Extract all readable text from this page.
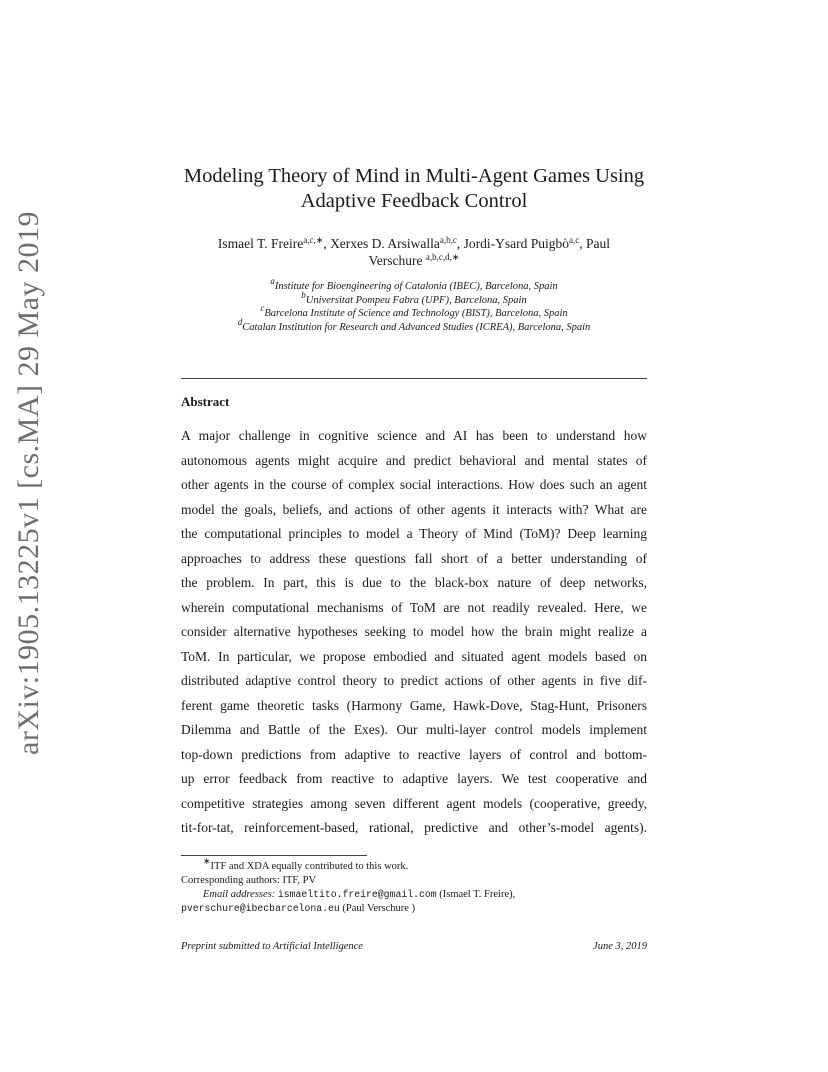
arXiv:1905.13225v1 [cs.MA] 29 May 2019
Modeling Theory of Mind in Multi-Agent Games Using
Adaptive Feedback Control
Ismael T. Freire$^{a,c,∗}$, Xerxes D. Arsiwalla$^{a,b,c}$, Jordi-Ysard Puigbò$^{a,c}$, Paul
Verschure $^{a,b,c,d,∗}$
$^a$Institute for Bioengineering of Catalonia (IBEC), Barcelona, Spain
$^b$Universitat Pompeu Fabra (UPF), Barcelona, Spain
$^c$Barcelona Institute of Science and Technology (BIST), Barcelona, Spain
$^d$Catalan Institution for Research and Advanced Studies (ICREA), Barcelona, Spain
Abstract
A major challenge in cognitive science and AI has been to understand how
autonomous agents might acquire and predict behavioral and mental states of
other agents in the course of complex social interactions. How does such an agent
model the goals, beliefs, and actions of other agents it interacts with? What are
the computational principles to model a Theory of Mind (ToM)? Deep learning
approaches to address these questions fall short of a better understanding of
the problem. In part, this is due to the black-box nature of deep networks,
wherein computational mechanisms of ToM are not readily revealed. Here, we
consider alternative hypotheses seeking to model how the brain might realize a
ToM. In particular, we propose embodied and situated agent models based on
distributed adaptive control theory to predict actions of other agents in five dif-
ferent game theoretic tasks (Harmony Game, Hawk-Dove, Stag-Hunt, Prisoners
Dilemma and Battle of the Exes). Our multi-layer control models implement
top-down predictions from adaptive to reactive layers of control and bottom-
up error feedback from reactive to adaptive layers. We test cooperative and
competitive strategies among seven different agent models (cooperative, greedy,
tit-for-tat, reinforcement-based, rational, predictive and other’s-model agents).
∗ITF and XDA equally contributed to this work.
Corresponding authors: ITF, PV
Email addresses: ismaeltito.freire@gmail.com (Ismael T. Freire),
pverschure@ibecbarcelona.eu (Paul Verschure )
Preprint submitted to Artificial Intelligence	June 3, 2019
